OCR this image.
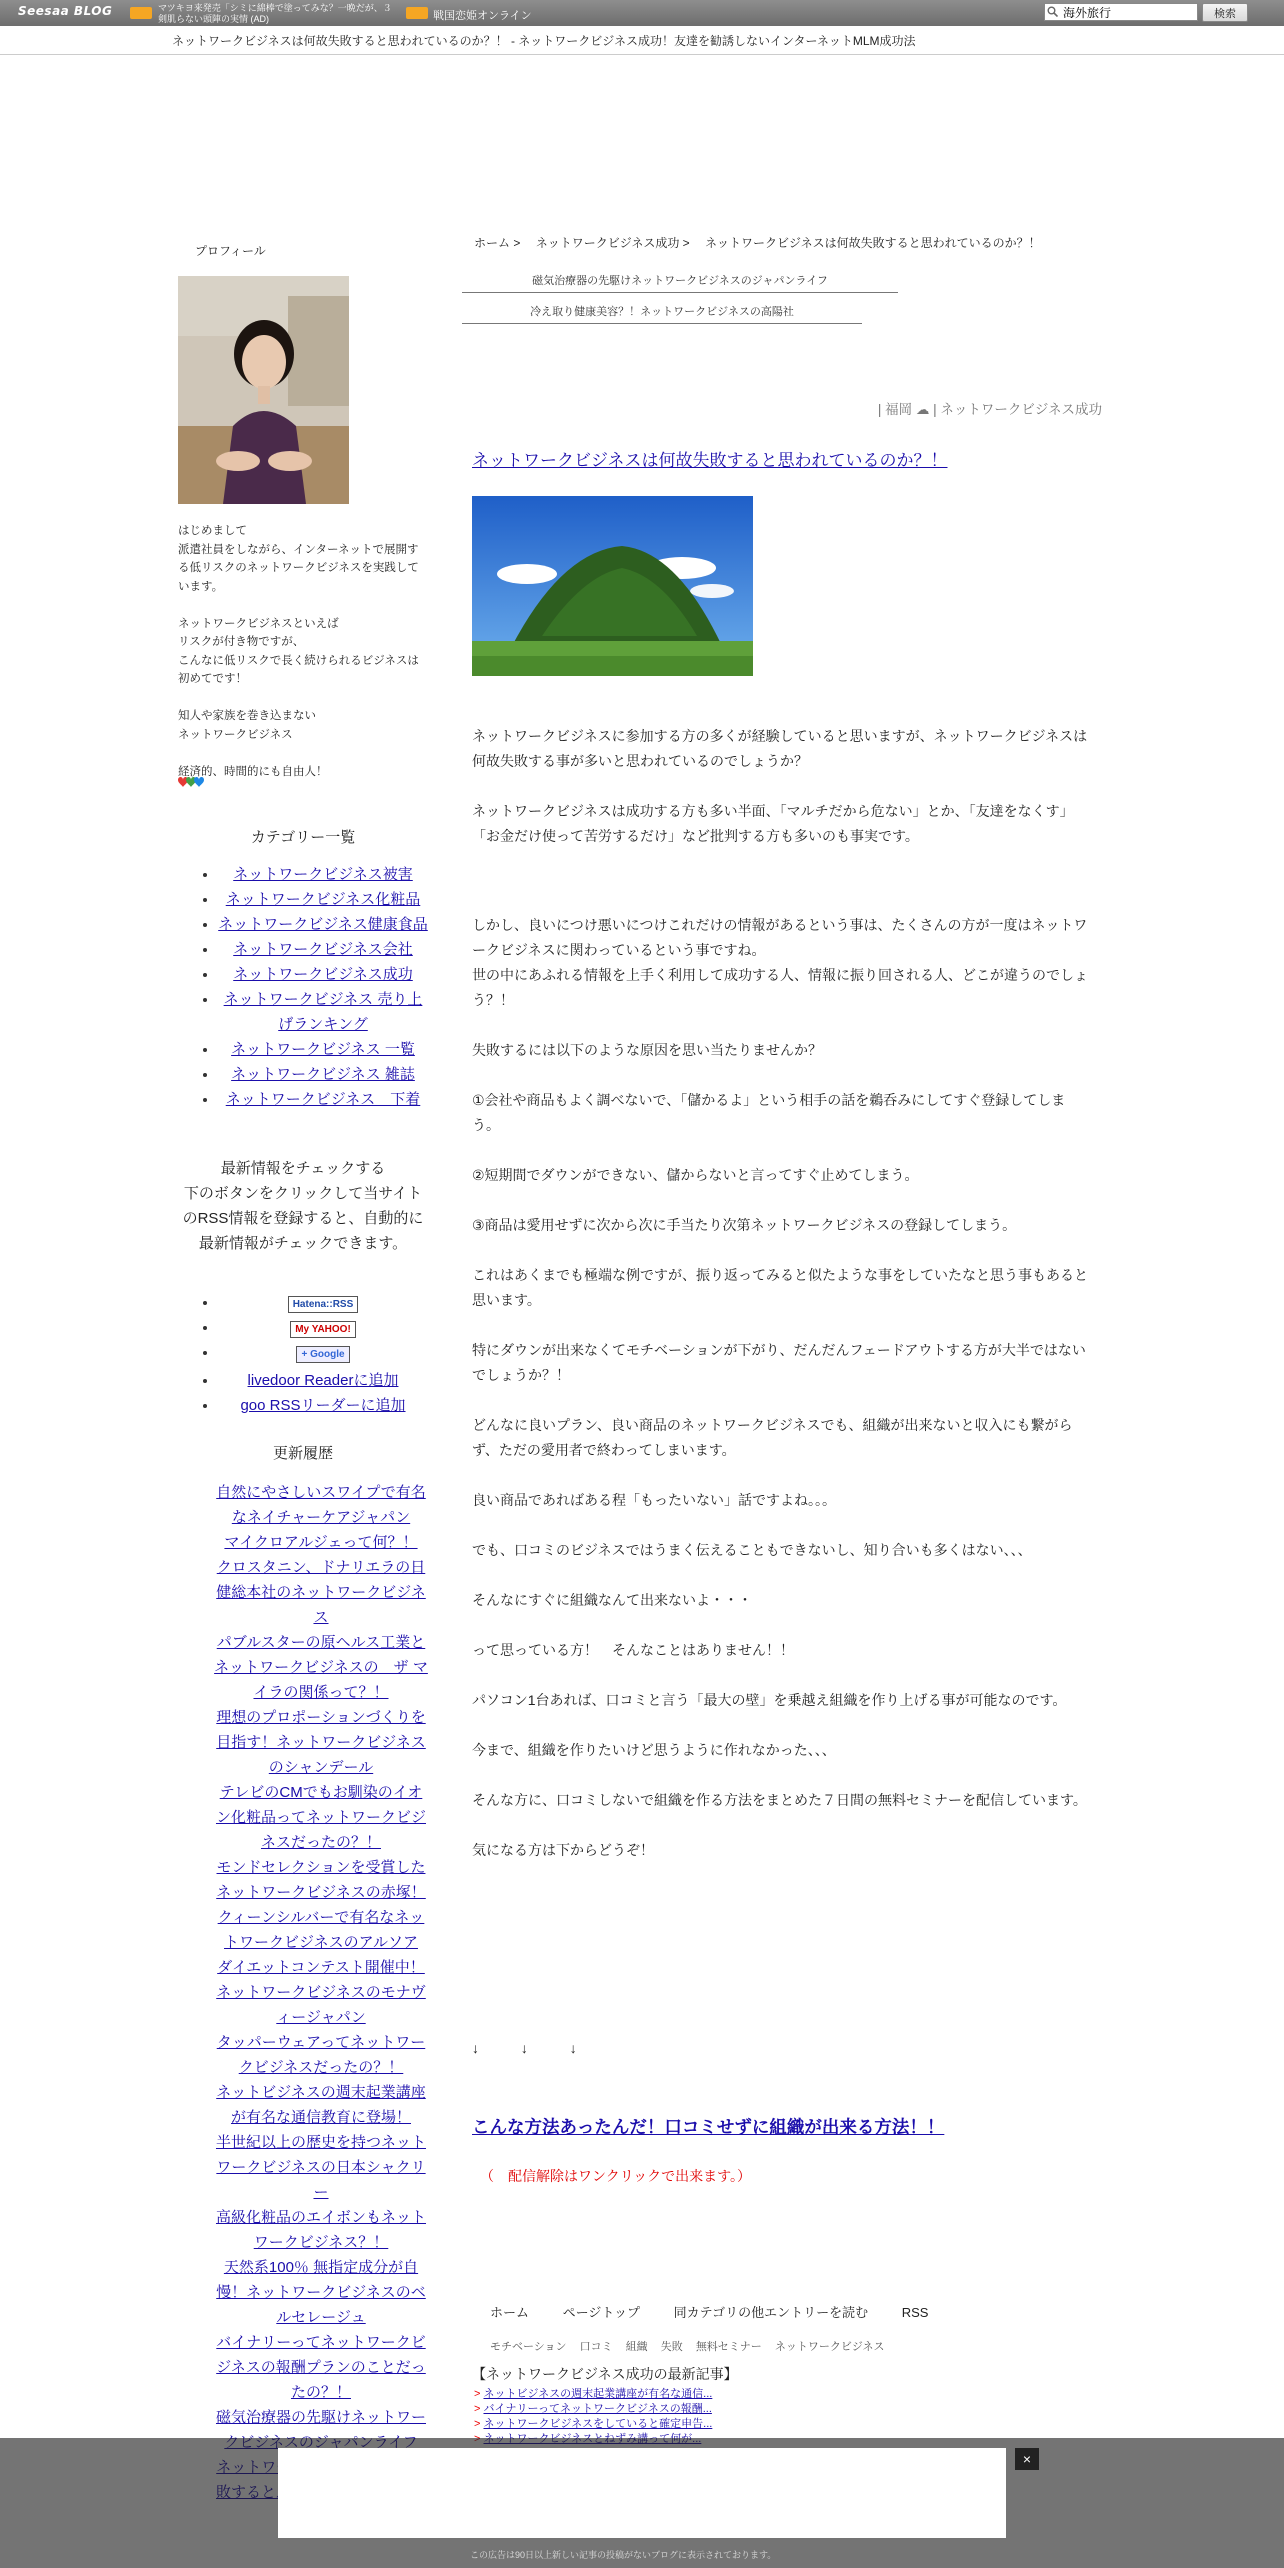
Seesaa BLOG	マツキヨ来発売「シミに綿棒で塗ってみな？一晩だが、３剣肌らない頭陣の実情 (AD)	戦国恋姫オンライン
海外旅行	検索
ネットワークビジネスは何故失敗すると思われているのか？！ - ネットワークビジネス成功！友達を勧誘しないインターネットMLM成功法
プロフィール
はじめまして
派遣社員をしながら、インターネットで展開する低リスクのネットワークビジネスを実践しています。

ネットワークビジネスといえば
リスクが付き物ですが、
こんなに低リスクで長く続けられるビジネスは初めてです！

知人や家族を巻き込まない
ネットワークビジネス

経済的、時間的にも自由人！
カテゴリー一覧
• ネットワークビジネス被害
• ネットワークビジネス化粧品
• ネットワークビジネス健康食品
• ネットワークビジネス会社
• ネットワークビジネス成功
• ネットワークビジネス 売り上げランキング
• ネットワークビジネス 一覧
• ネットワークビジネス 雑誌
• ネットワークビジネス　下着
最新情報をチェックする
下のボタンをクリックして当サイトのRSS情報を登録すると、自動的に最新情報がチェックできます。
• Hatena::RSS
• My YAHOO!
• + Google
• livedoor Readerに追加
• goo RSSリーダーに追加
更新履歴
自然にやさしいスワイプで有名なネイチャーケアジャパン
マイクロアルジェって何？！
クロスタニン、ドナリエラの日健総本社のネットワークビジネス
パブルスターの原ヘルス工業とネットワークビジネスの　ザ マイラの関係って？！
理想のプロポーションづくりを目指す！ネットワークビジネスのシャンデール
テレビのCMでもお馴染のイオン化粧品ってネットワークビジネスだったの？！
モンドセレクションを受賞したネットワークビジネスの赤塚！
クィーンシルバーで有名なネットワークビジネスのアルソア
ダイエットコンテスト開催中！ネットワークビジネスのモナヴィージャパン
タッパーウェアってネットワークビジネスだったの？！
ネットビジネスの週末起業講座が有名な通信教育に登場！
半世紀以上の歴史を持つネットワークビジネスの日本シャクリー
高級化粧品のエイボンもネットワークビジネス？！
天然系100％ 無指定成分が自慢！ネットワークビジネスのベルセレージュ
バイナリーってネットワークビジネスの報酬プランのことだったの？！
磁気治療器の先駆けネットワー
ホーム > ネットワークビジネス成功 > ネットワークビジネスは何故失敗すると思われているのか？！
磁気治療器の先駆けネットワークビジネスのジャパンライフ
冷え取り健康美容？！ネットワークビジネスの高陽社
| 福岡 ☁ | ネットワークビジネス成功
ネットワークビジネスは何故失敗すると思われているのか？！

ネットワークビジネスに参加する方の多くが経験していると思いますが、ネットワークビジネスは何故失敗する事が多いと思われているのでしょうか？

ネットワークビジネスは成功する方も多い半面、「マルチだから危ない」とか、「友達をなくす」「お金だけ使って苦労するだけ」など批判する方も多いのも事実です。

しかし、良いにつけ悪いにつけこれだけの情報があるという事は、たくさんの方が一度はネットワークビジネスに関わっているという事ですね。
世の中にあふれる情報を上手く利用して成功する人、情報に振り回される人、どこが違うのでしょう？！

失敗するには以下のような原因を思い当たりませんか？

①会社や商品もよく調べないで、「儲かるよ」という相手の話を鵜呑みにしてすぐ登録してしまう。

②短期間でダウンができない、儲からないと言ってすぐ止めてしまう。

③商品は愛用せずに次から次に手当たり次第ネットワークビジネスの登録してしまう。

これはあくまでも極端な例ですが、振り返ってみると似たような事をしていたなと思う事もあると思います。

特にダウンが出来なくてモチベーションが下がり、だんだんフェードアウトする方が大半ではないでしょうか？！

どんなに良いプラン、良い商品のネットワークビジネスでも、組織が出来ないと収入にも繋がらず、ただの愛用者で終わってしまいます。

良い商品であればある程「もったいない」話ですよね。。。

でも、口コミのビジネスではうまく伝えることもできないし、知り合いも多くはない、、、

そんなにすぐに組織なんて出来ないよ・・・

って思っている方！　そんなことはありません！！

パソコン1台あれば、口コミと言う「最大の壁」を乗越え組織を作り上げる事が可能なのです。

今まで、組織を作りたいけど思うように作れなかった、、、

そんな方に、口コミしないで組織を作る方法をまとめた７日間の無料セミナーを配信しています。

気になる方は下からどうぞ！

↓ ↓ ↓
こんな方法あったんだ！口コミせずに組織が出来る方法！！
（　配信解除はワンクリックで出来ます。）
ホーム	ページトップ	同カテゴリの他エントリーを読む	RSS
モチベーション 口コミ 組織 失敗 無料セミナー ネットワークビジネス
【ネットワークビジネス成功の最新記事】
> ネットビジネスの週末起業講座が有名な通信...
> バイナリーってネットワークビジネスの報酬...
> ネットワークビジネスをしていると確定申告...
>
×
この広告は90日以上新しい記事の投稿がないブログに表示されております。
